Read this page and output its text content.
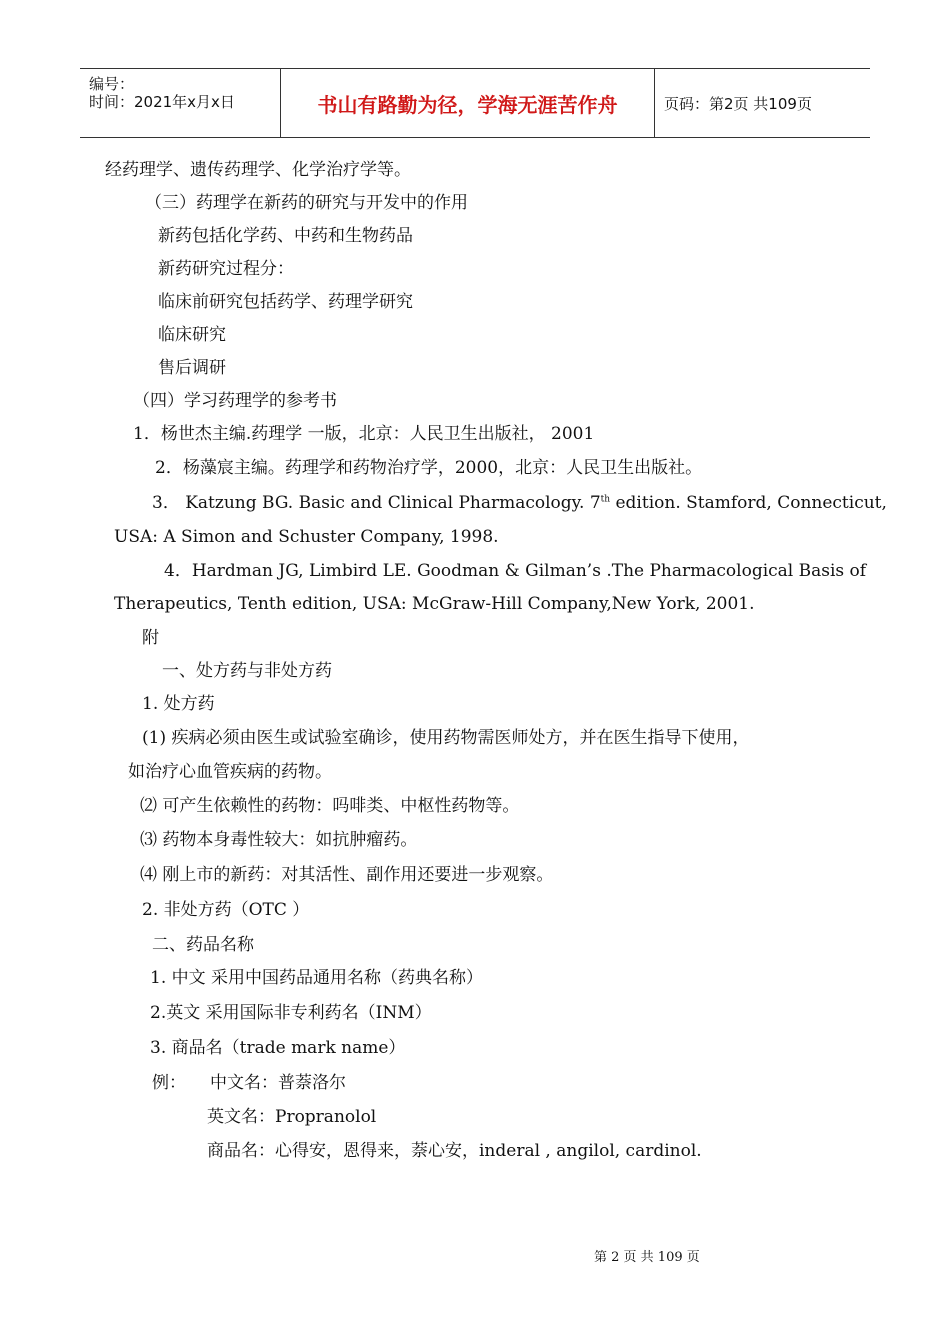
编号：
时间：2021年x月x日	书山有路勤为径，学海无涯苦作舟	页码：第2页 共109页
经药理学、遗传药理学、化学治疗学等。
（三）药理学在新药的研究与开发中的作用
新药包括化学药、中药和生物药品
新药研究过程分：
临床前研究包括药学、药理学研究
临床研究
售后调研
（四）学习药理学的参考书
1．杨世杰主编.药理学 一版，北京：人民卫生出版社， 2001
2．杨藻宸主编。药理学和药物治疗学，2000，北京：人民卫生出版社。
3． Katzung BG. Basic and Clinical Pharmacology. 7th edition. Stamford, Connecticut,
USA: A Simon and Schuster Company, 1998.
4．Hardman JG, Limbird LE. Goodman & Gilman’s .The Pharmacological Basis of
Therapeutics, Tenth edition, USA: McGraw-Hill Company,New York, 2001.
附
一、处方药与非处方药
1. 处方药
(1) 疾病必须由医生或试验室确诊，使用药物需医师处方，并在医生指导下使用，
如治疗心血管疾病的药物。
⑵ 可产生依赖性的药物：吗啡类、中枢性药物等。
⑶ 药物本身毒性较大：如抗肿瘤药。
⑷ 刚上市的新药：对其活性、副作用还要进一步观察。
2. 非处方药（OTC ）
二、药品名称
1. 中文 采用中国药品通用名称（药典名称）
2.英文 采用国际非专利药名（INM）
3. 商品名（trade mark name）
例： 中文名：普萘洛尔
英文名：Propranolol
商品名：心得安，恩得来，萘心安，inderal , angilol, cardinol.
第 2 页 共 109 页
